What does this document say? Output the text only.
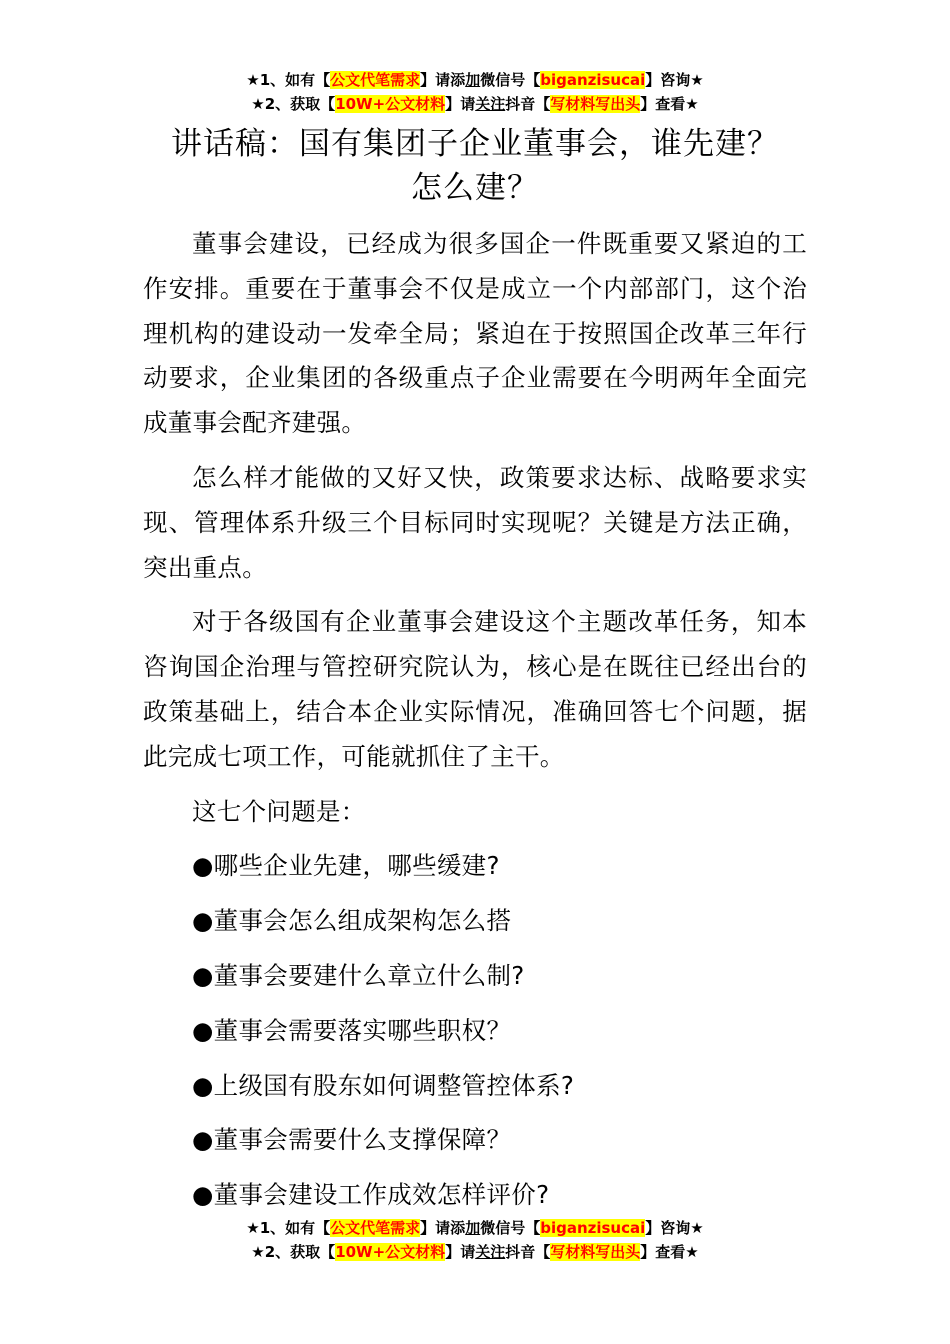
★1、如有【公文代笔需求】请添加微信号【biganzisucai】咨询★
★2、获取【10W+公文材料】请关注抖音【写材料写出头】查看★
讲话稿：国有集团子企业董事会，谁先建？
怎么建？

董事会建设，已经成为很多国企一件既重要又紧迫的工作安排。重要在于董事会不仅是成立一个内部部门，这个治理机构的建设动一发牵全局；紧迫在于按照国企改革三年行动要求，企业集团的各级重点子企业需要在今明两年全面完成董事会配齐建强。

怎么样才能做的又好又快，政策要求达标、战略要求实现、管理体系升级三个目标同时实现呢？关键是方法正确，突出重点。

对于各级国有企业董事会建设这个主题改革任务，知本咨询国企治理与管控研究院认为，核心是在既往已经出台的政策基础上，结合本企业实际情况，准确回答七个问题，据此完成七项工作，可能就抓住了主干。

这七个问题是：

●哪些企业先建，哪些缓建?

●董事会怎么组成架构怎么搭

●董事会要建什么章立什么制?

●董事会需要落实哪些职权？

●上级国有股东如何调整管控体系?

●董事会需要什么支撑保障？

●董事会建设工作成效怎样评价?

★1、如有【公文代笔需求】请添加微信号【biganzisucai】咨询★
★2、获取【10W+公文材料】请关注抖音【写材料写出头】查看★
